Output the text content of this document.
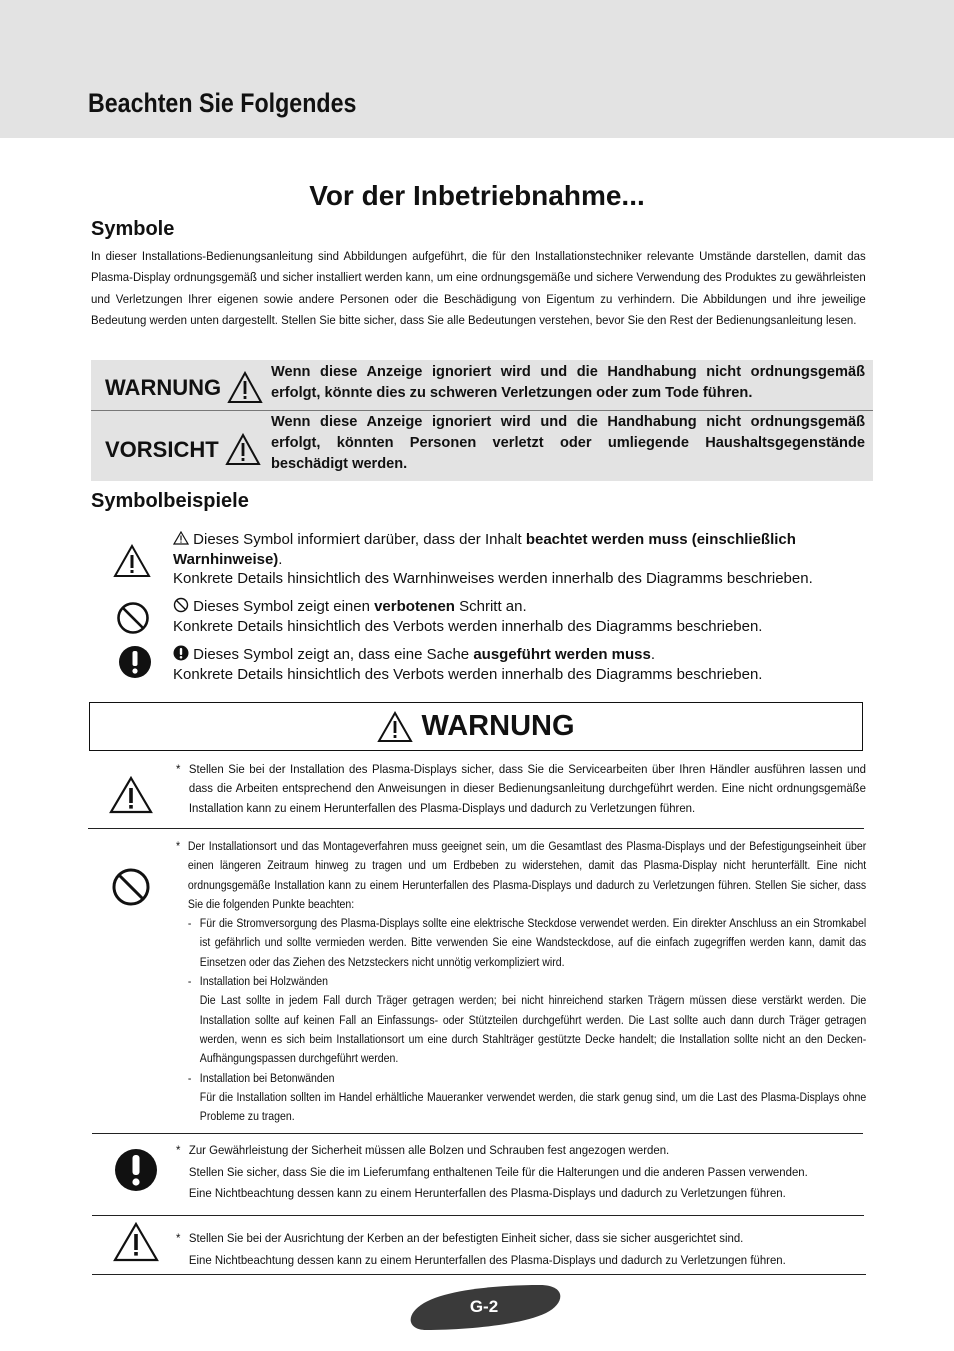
Beachten Sie Folgendes
Vor der Inbetriebnahme...
Symbole
In dieser Installations-Bedienungsanleitung sind Abbildungen aufgeführt, die für den Installationstechniker relevante Umstände darstellen, damit das Plasma-Display ordnungsgemäß und sicher installiert werden kann, um eine ordnungsgemäße und sichere Verwendung des Produktes zu gewährleisten und Verletzungen Ihrer eigenen sowie andere Personen oder die Beschädigung von Eigentum zu verhindern. Die Abbildungen und ihre jeweilige Bedeutung werden unten dargestellt. Stellen Sie bitte sicher, dass Sie alle Bedeutungen verstehen, bevor Sie den Rest der Bedienungsanleitung lesen.
WARNUNG
Wenn diese Anzeige ignoriert wird und die Handhabung nicht ordnungsgemäß erfolgt, könnte dies zu schweren Verletzungen oder zum Tode führen.
VORSICHT
Wenn diese Anzeige ignoriert wird und die Handhabung nicht ordnungsgemäß erfolgt, könnten Personen verletzt oder umliegende Haushaltsgegenstände beschädigt werden.
Symbolbeispiele
Dieses Symbol informiert darüber, dass der Inhalt beachtet werden muss (einschließlich Warnhinweise).
Konkrete Details hinsichtlich des Warnhinweises werden innerhalb des Diagramms beschrieben.
Dieses Symbol zeigt einen verbotenen Schritt an.
Konkrete Details hinsichtlich des Verbots werden innerhalb des Diagramms beschrieben.
Dieses Symbol zeigt an, dass eine Sache ausgeführt werden muss.
Konkrete Details hinsichtlich des Verbots werden innerhalb des Diagramms beschrieben.
WARNUNG
* Stellen Sie bei der Installation des Plasma-Displays sicher, dass Sie die Servicearbeiten über Ihren Händler ausführen lassen und dass die Arbeiten entsprechend den Anweisungen in dieser Bedienungsanleitung durchgeführt werden. Eine nicht ordnungsgemäße Installation kann zu einem Herunterfallen des Plasma-Displays und dadurch zu Verletzungen führen.
* Der Installationsort und das Montageverfahren muss geeignet sein, um die Gesamtlast des Plasma-Displays und der Befestigungseinheit über einen längeren Zeitraum hinweg zu tragen und um Erdbeben zu widerstehen, damit das Plasma-Display nicht herunterfällt. Eine nicht ordnungsgemäße Installation kann zu einem Herunterfallen des Plasma-Displays und dadurch zu Verletzungen führen. Stellen Sie sicher, dass Sie die folgenden Punkte beachten:
- Für die Stromversorgung des Plasma-Displays sollte eine elektrische Steckdose verwendet werden. Ein direkter Anschluss an ein Stromkabel ist gefährlich und sollte vermieden werden. Bitte verwenden Sie eine Wandsteckdose, auf die einfach zugegriffen werden kann, damit das Einsetzen oder das Ziehen des Netzsteckers nicht unnötig verkompliziert wird.
- Installation bei Holzwänden
Die Last sollte in jedem Fall durch Träger getragen werden; bei nicht hinreichend starken Trägern müssen diese verstärkt werden. Die Installation sollte auf keinen Fall an Einfassungs- oder Stützteilen durchgeführt werden. Die Last sollte auch dann durch Träger getragen werden, wenn es sich beim Installationsort um eine durch Stahlträger gestützte Decke handelt; die Installation sollte nicht an den Decken-Aufhängungspassen durchgeführt werden.
- Installation bei Betonwänden
Für die Installation sollten im Handel erhältliche Maueranker verwendet werden, die stark genug sind, um die Last des Plasma-Displays ohne Probleme zu tragen.
* Zur Gewährleistung der Sicherheit müssen alle Bolzen und Schrauben fest angezogen werden.
Stellen Sie sicher, dass Sie die im Lieferumfang enthaltenen Teile für die Halterungen und die anderen Passen verwenden.
Eine Nichtbeachtung dessen kann zu einem Herunterfallen des Plasma-Displays und dadurch zu Verletzungen führen.
* Stellen Sie bei der Ausrichtung der Kerben an der befestigten Einheit sicher, dass sie sicher ausgerichtet sind.
Eine Nichtbeachtung dessen kann zu einem Herunterfallen des Plasma-Displays und dadurch zu Verletzungen führen.
G-2
